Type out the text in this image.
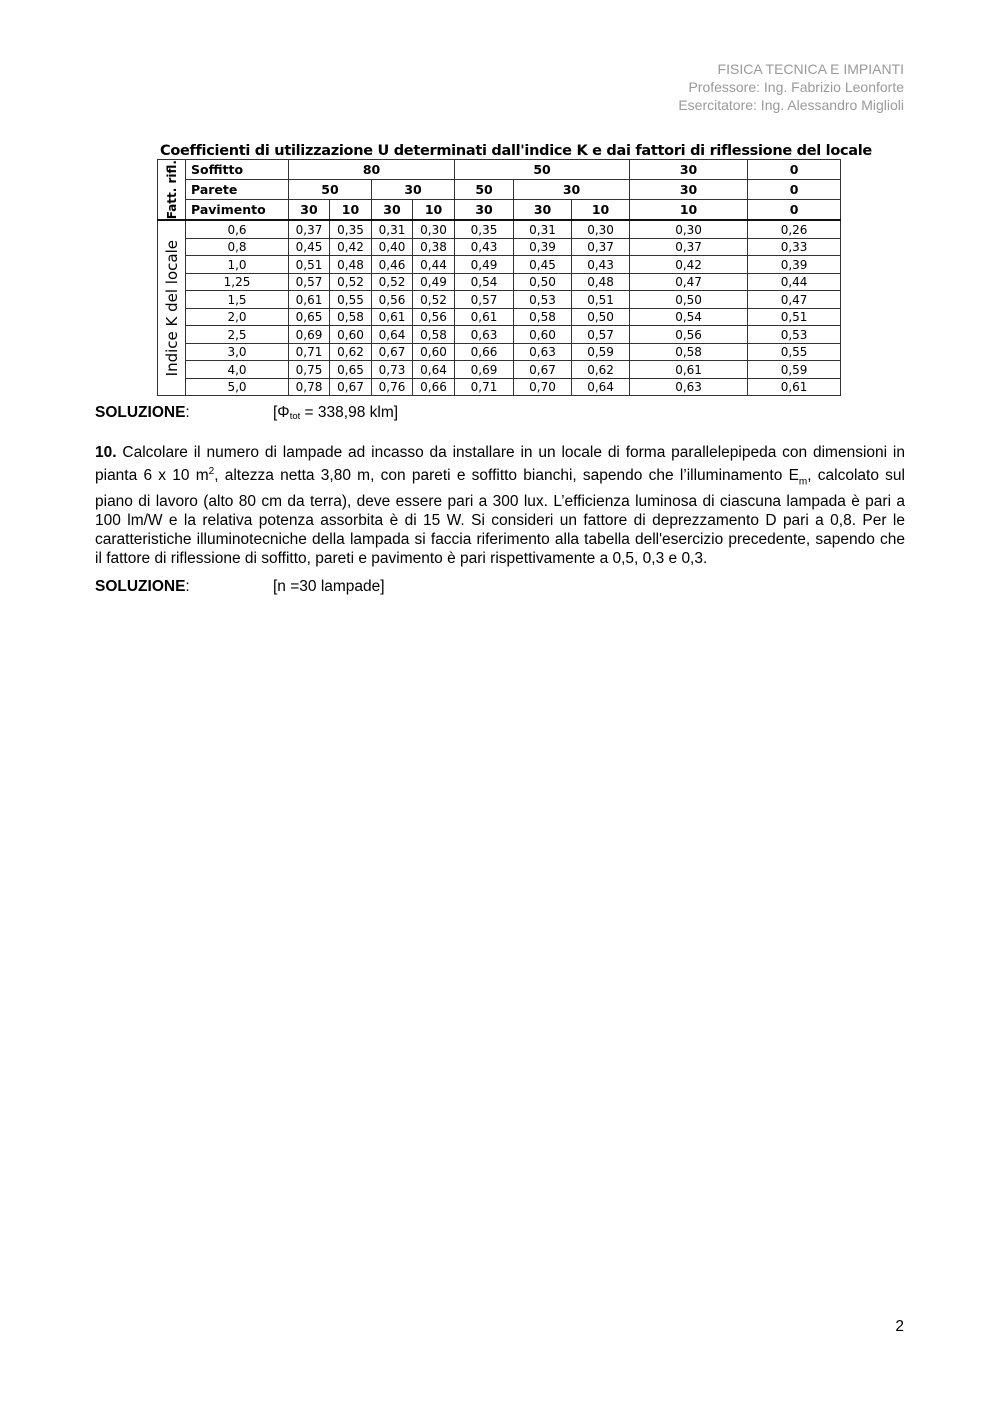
FISICA TECNICA E IMPIANTI
Professore: Ing. Fabrizio Leonforte
Esercitatore: Ing. Alessandro Miglioli
Coefficienti di utilizzazione U determinati dall'indice K e dai fattori di riflessione del locale
Fatt. rifl.	Soffitto	80				50			30	0
	Parete	50		30		50	30		30	0
	Pavimento	30	10	30	10	30	30	10	10	0

Indice K del locale	0,6	0,37	0,35	0,31	0,30	0,35	0,31	0,30	0,30	0,26
	0,8	0,45	0,42	0,40	0,38	0,43	0,39	0,37	0,37	0,33
	1,0	0,51	0,48	0,46	0,44	0,49	0,45	0,43	0,42	0,39
	1,25	0,57	0,52	0,52	0,49	0,54	0,50	0,48	0,47	0,44
	1,5	0,61	0,55	0,56	0,52	0,57	0,53	0,51	0,50	0,47
	2,0	0,65	0,58	0,61	0,56	0,61	0,58	0,50	0,54	0,51
	2,5	0,69	0,60	0,64	0,58	0,63	0,60	0,57	0,56	0,53
	3,0	0,71	0,62	0,67	0,60	0,66	0,63	0,59	0,58	0,55
	4,0	0,75	0,65	0,73	0,64	0,69	0,67	0,62	0,61	0,59
	5,0	0,78	0,67	0,76	0,66	0,71	0,70	0,64	0,63	0,61
SOLUZIONE:	[$\Phi_{tot} = 338,98$ klm]
10. Calcolare il numero di lampade ad incasso da installare in un locale di forma parallelepipeda con dimensioni in pianta 6 x 10 $m^2$, altezza netta 3,80 m, con pareti e soffitto bianchi, sapendo che l’illuminamento $E_m$, calcolato sul piano di lavoro (alto 80 cm da terra), deve essere pari a 300 lux. L’efficienza luminosa di ciascuna lampada è pari a 100 lm/W e la relativa potenza assorbita è di 15 W. Si consideri un fattore di deprezzamento D pari a 0,8. Per le caratteristiche illuminotecniche della lampada si faccia riferimento alla tabella dell'esercizio precedente, sapendo che il fattore di riflessione di soffitto, pareti e pavimento è pari rispettivamente a 0,5, 0,3 e 0,3.
SOLUZIONE:	[n =30 lampade]
2
